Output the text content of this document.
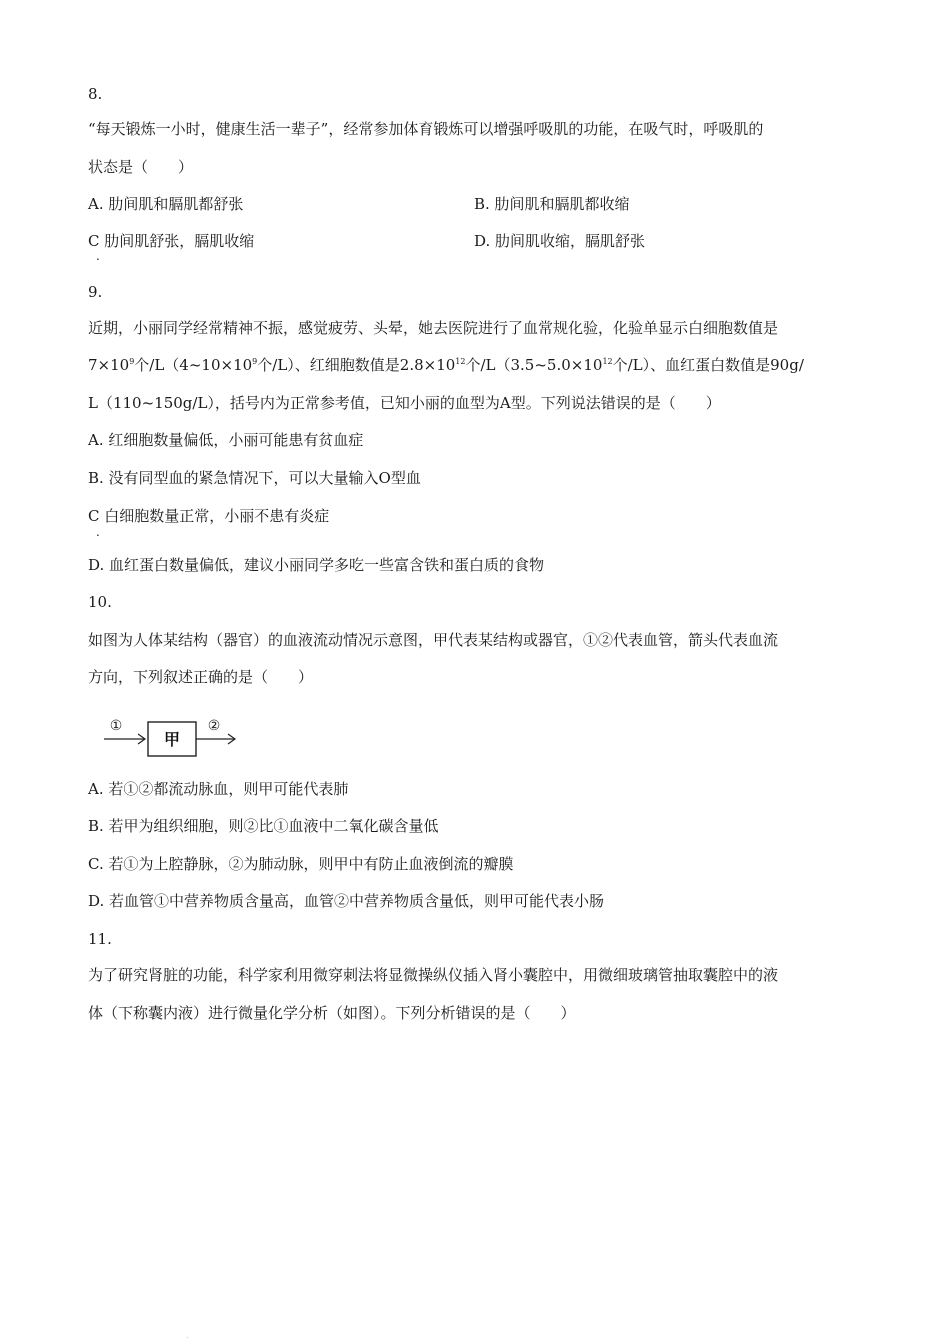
8.
“每天锻炼一小时，健康生活一辈子”，经常参加体育锻炼可以增强呼吸肌的功能，在吸气时，呼吸肌的
状态是（　　）
A. 肋间肌和膈肌都舒张	B. 肋间肌和膈肌都收缩
C 肋间肌舒张，膈肌收缩	D. 肋间肌收缩，膈肌舒张
.
9.
近期，小丽同学经常精神不振，感觉疲劳、头晕，她去医院进行了血常规化验，化验单显示白细胞数值是
$7\times 10^9$个$/L(4\sim 10\times 10^9$个/L）、红细胞数值是$2.8\times 10^{12}$个$/L(3.5\sim 5.0\times 10^{12}$个/L）、血红蛋白数值是90g/
L（110~150g/L），括号内为正常参考值，已知小丽的血型为A型。下列说法错误的是（　　）
A. 红细胞数量偏低，小丽可能患有贫血症
B. 没有同型血的紧急情况下，可以大量输入O型血
C 白细胞数量正常，小丽不患有炎症
.
D. 血红蛋白数量偏低，建议小丽同学多吃一些富含铁和蛋白质的食物
10.
如图为人体某结构（器官）的血液流动情况示意图，甲代表某结构或器官，①②代表血管，箭头代表血流
方向，下列叙述正确的是（　　）
①
甲
②
A. 若①②都流动脉血，则甲可能代表肺
B. 若甲为组织细胞，则②比①血液中二氧化碳含量低
C. 若①为上腔静脉，②为肺动脉，则甲中有防止血液倒流的瓣膜
D. 若血管①中营养物质含量高，血管②中营养物质含量低，则甲可能代表小肠
11.
为了研究肾脏的功能，科学家利用微穿刺法将显微操纵仪插入肾小囊腔中，用微细玻璃管抽取囊腔中的液
体（下称囊内液）进行微量化学分析（如图）。下列分析错误的是（　　）
.
